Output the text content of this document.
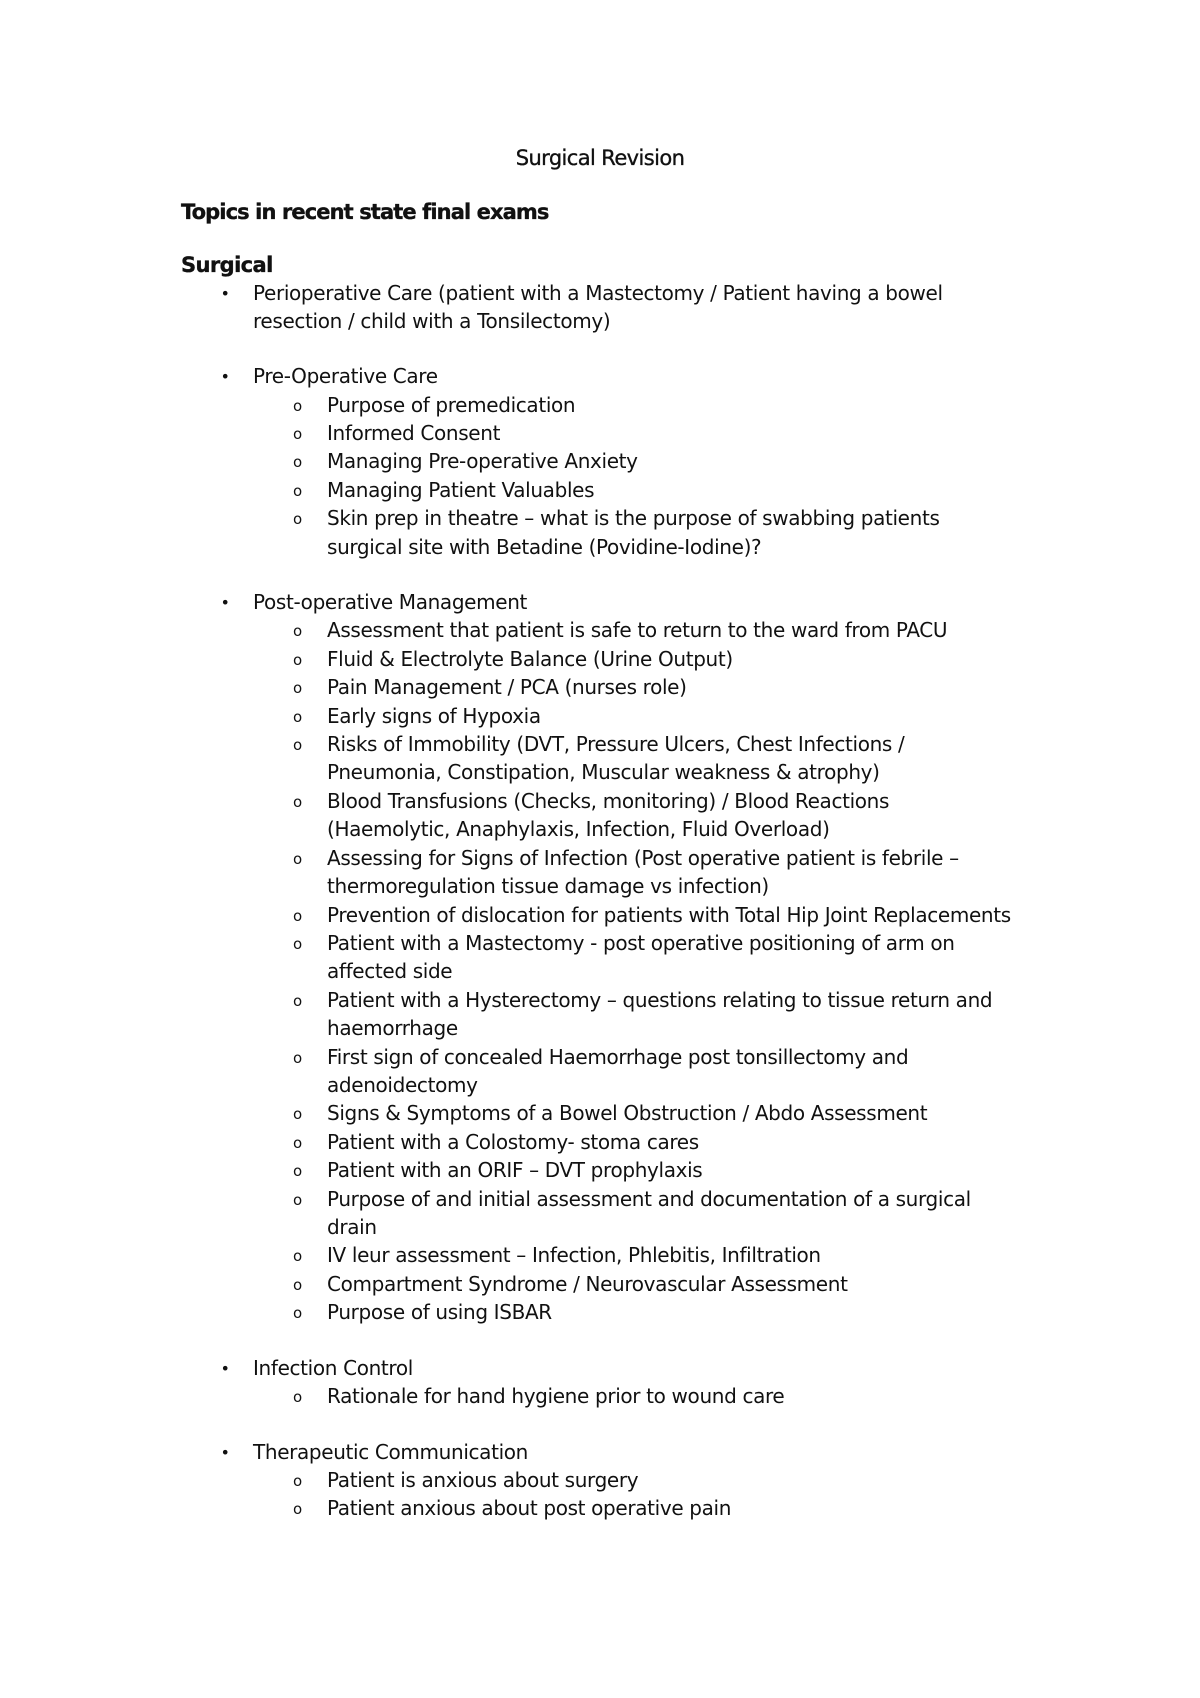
Surgical Revision
Topics in recent state final exams
Surgical
• Perioperative Care (patient with a Mastectomy / Patient having a bowel resection / child with a Tonsilectomy)
• Pre-Operative Care
o Purpose of premedication
o Informed Consent
o Managing Pre-operative Anxiety
o Managing Patient Valuables
o Skin prep in theatre – what is the purpose of swabbing patients surgical site with Betadine (Povidine-Iodine)?
• Post-operative Management
o Assessment that patient is safe to return to the ward from PACU
o Fluid & Electrolyte Balance (Urine Output)
o Pain Management / PCA (nurses role)
o Early signs of Hypoxia
o Risks of Immobility (DVT, Pressure Ulcers, Chest Infections / Pneumonia, Constipation, Muscular weakness & atrophy)
o Blood Transfusions (Checks, monitoring) / Blood Reactions (Haemolytic, Anaphylaxis, Infection, Fluid Overload)
o Assessing for Signs of Infection (Post operative patient is febrile – thermoregulation tissue damage vs infection)
o Prevention of dislocation for patients with Total Hip Joint Replacements
o Patient with a Mastectomy - post operative positioning of arm on affected side
o Patient with a Hysterectomy – questions relating to tissue return and haemorrhage
o First sign of concealed Haemorrhage post tonsillectomy and adenoidectomy
o Signs & Symptoms of a Bowel Obstruction / Abdo Assessment
o Patient with a Colostomy- stoma cares
o Patient with an ORIF – DVT prophylaxis
o Purpose of and initial assessment and documentation of a surgical drain
o IV leur assessment – Infection, Phlebitis, Infiltration
o Compartment Syndrome / Neurovascular Assessment
o Purpose of using ISBAR
• Infection Control
o Rationale for hand hygiene prior to wound care
• Therapeutic Communication
o Patient is anxious about surgery
o Patient anxious about post operative pain
